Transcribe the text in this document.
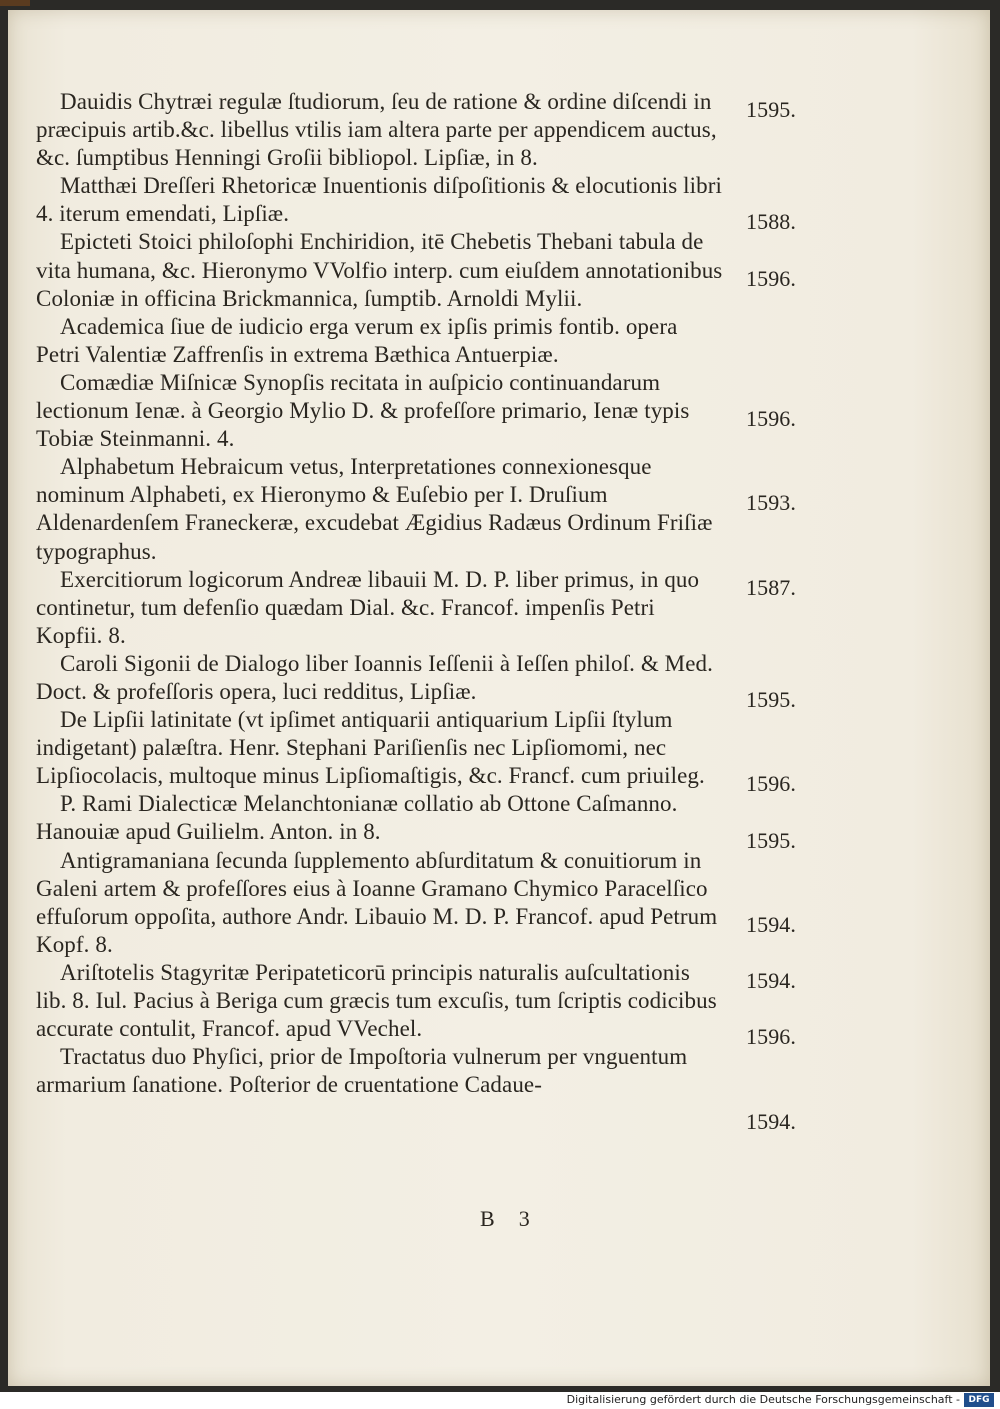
Dauidis Chytræi regulæ ſtudiorum, ſeu de ratione & ordine diſcendi in præcipuis artib.&c. libellus vtilis iam altera parte per appendicem auctus, &c. ſumptibus Henningi Groſii bibliopol. Lipſiæ, in 8.

Matthæi Dreſſeri Rhetoricæ Inuentionis diſpoſitionis & elocutionis libri 4. iterum emendati, Lipſiæ.

Epicteti Stoici philoſophi Enchiridion, itē Chebetis Thebani tabula de vita humana, &c. Hieronymo VVolfio interp. cum eiuſdem annotationibus Coloniæ in officina Brickmannica, ſumptib. Arnoldi Mylii.

Academica ſiue de iudicio erga verum ex ipſis primis fontib. opera Petri Valentiæ Zaffrenſis in extrema Bæthica Antuerpiæ.

Comædiæ Miſnicæ Synopſis recitata in auſpicio continuandarum lectionum Ienæ. à Georgio Mylio D. & profeſſore primario, Ienæ typis Tobiæ Steinmanni. 4.

Alphabetum Hebraicum vetus, Interpretationes connexionesque nominum Alphabeti, ex Hieronymo & Euſebio per I. Druſium Aldenardenſem Franeckeræ, excudebat Ægidius Radæus Ordinum Friſiæ typographus.

Exercitiorum logicorum Andreæ libauii M. D. P. liber primus, in quo continetur, tum defenſio quædam Dial. &c. Francof. impenſis Petri Kopfii. 8.

Caroli Sigonii de Dialogo liber Ioannis Ieſſenii à Ieſſen philoſ. & Med. Doct. & profeſſoris opera, luci redditus, Lipſiæ.

De Lipſii latinitate (vt ipſimet antiquarii antiquarium Lipſii ſtylum indigetant) palæſtra. Henr. Stephani Pariſienſis nec Lipſiomomi, nec Lipſiocolacis, multoque minus Lipſiomaſtigis, &c. Francf. cum priuileg.

P. Rami Dialecticæ Melanchtonianæ collatio ab Ottone Caſmanno. Hanouiæ apud Guilielm. Anton. in 8.

Antigramaniana ſecunda ſupplemento abſurditatum & conuitiorum in Galeni artem & profeſſores eius à Ioanne Gramano Chymico Paracelſico effuſorum oppoſita, authore Andr. Libauio M. D. P. Francof. apud Petrum Kopf. 8.

Ariſtotelis Stagyritæ Peripateticorū principis naturalis auſcultationis lib. 8. Iul. Pacius à Beriga cum græcis tum excuſis, tum ſcriptis codicibus accurate contulit, Francof. apud VVechel.

Tractatus duo Phyſici, prior de Impoſtoria vulnerum per vnguentum armarium ſanatione. Poſterior de cruentatione Cadaue-

1595.
1588.
1596.
1596.
1593.
1587.
1595.
1596.
1595.
1594.
1594.
1596.
1594.
B 3
Digitalisierung gefördert durch die Deutsche Forschungsgemeinschaft - DFG
